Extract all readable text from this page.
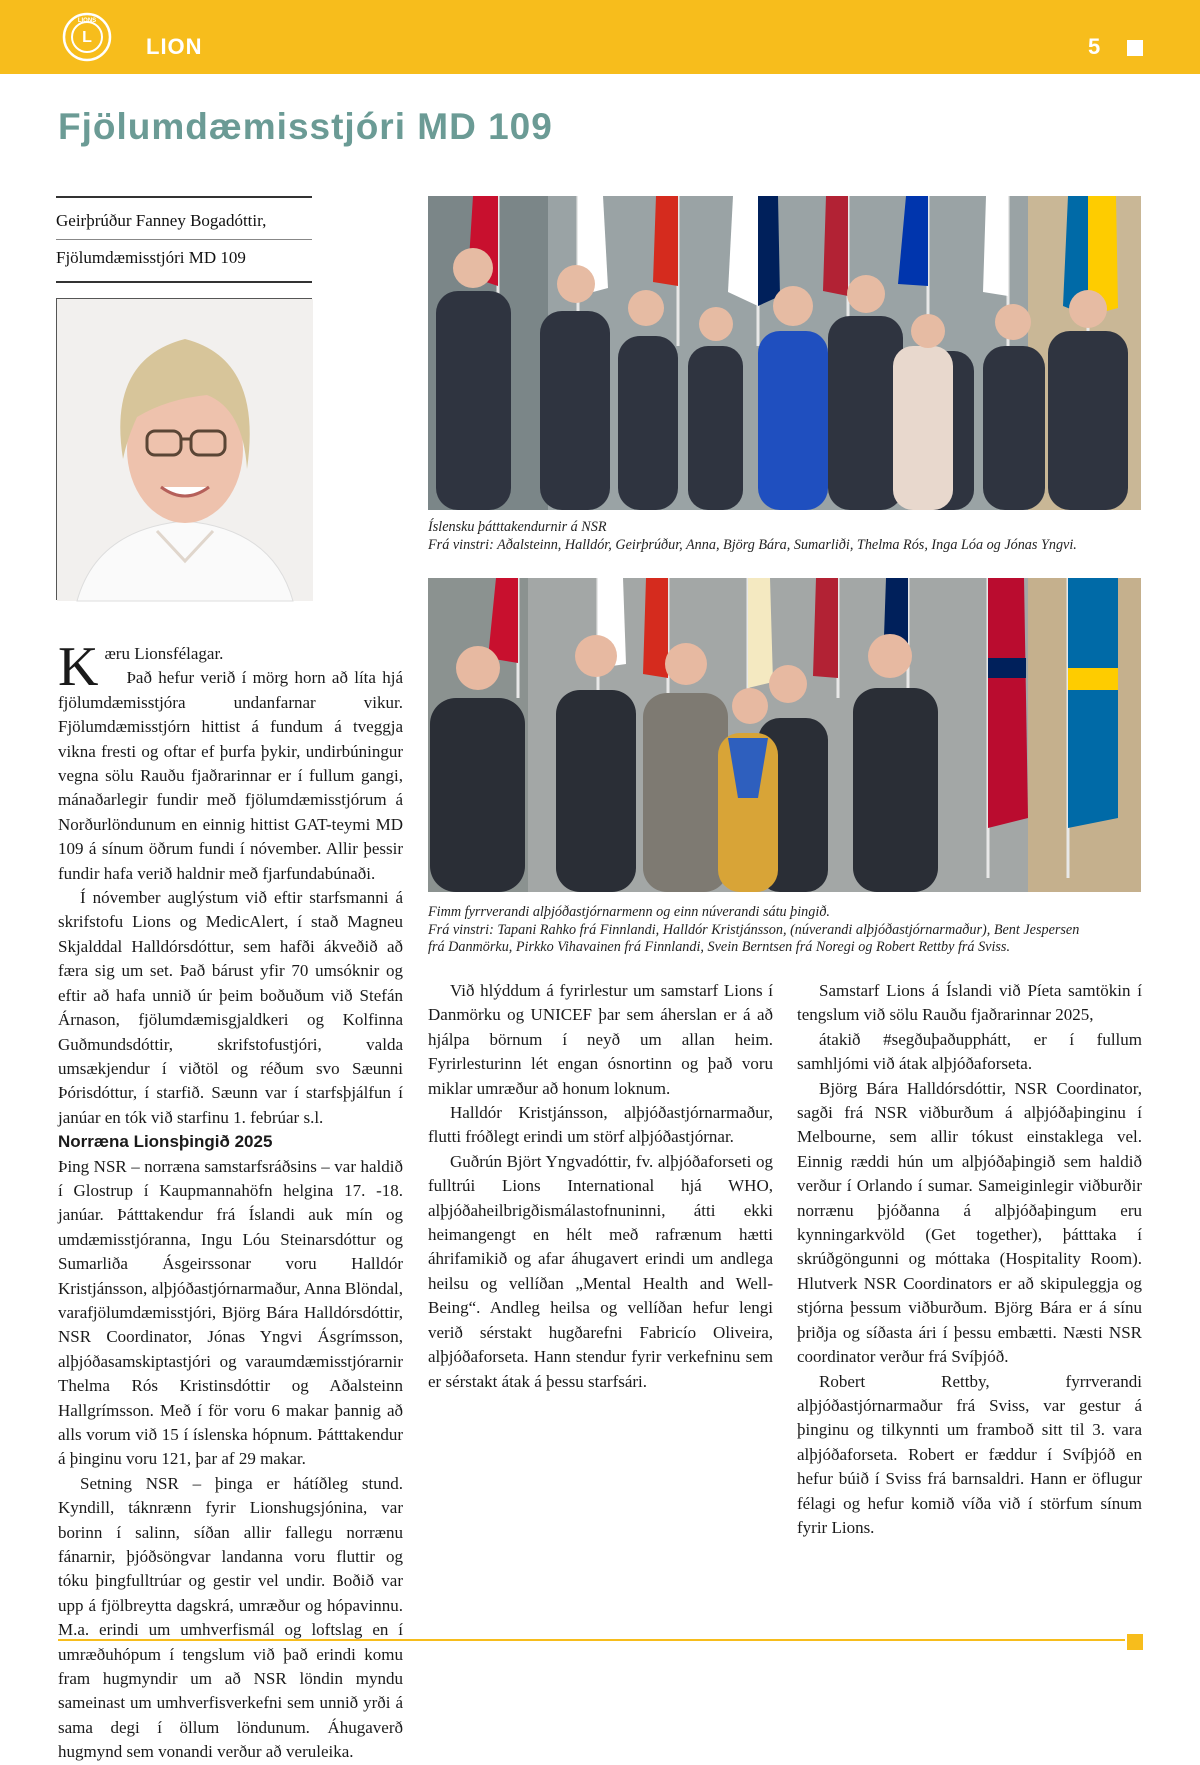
L
LIONS
LION	5
Fjölumdæmisstjóri MD 109
Geirþrúður Fanney Bogadóttir,
Fjölumdæmisstjóri MD 109
Íslensku þátttakendurnir á NSR
Frá vinstri: Aðalsteinn, Halldór, Geirþrúður, Anna, Björg Bára, Sumarliði, Thelma Rós, Inga Lóa og Jónas Yngvi.
Fimm fyrrverandi alþjóðastjórnarmenn og einn núverandi sátu þingið.
Frá vinstri: Tapani Rahko frá Finnlandi, Halldór Kristjánsson, (núverandi alþjóðastjórnarmaður), Bent Jespersen
frá Danmörku, Pirkko Vihavainen frá Finnlandi, Svein Berntsen frá Noregi og Robert Rettby frá Sviss.

Kæru Lionsfélagar.

Það hefur verið í mörg horn að líta hjá fjölumdæmisstjóra undanfarnar vikur. Fjölumdæmisstjórn hittist á fundum á tveggja vikna fresti og oftar ef þurfa þykir, undirbúningur vegna sölu Rauðu fjaðrarinnar er í fullum gangi, mánaðarlegir fundir með fjölumdæmisstjórum á Norðurlöndunum en einnig hittist GAT-teymi MD 109 á sínum öðrum fundi í nóvember. Allir þessir fundir hafa verið haldnir með fjarfundabúnaði.

Í nóvember auglýstum við eftir starfsmanni á skrifstofu Lions og MedicAlert, í stað Magneu Skjalddal Halldórsdóttur, sem hafði ákveðið að færa sig um set. Það bárust yfir 70 umsóknir og eftir að hafa unnið úr þeim boðuðum við Stefán Árnason, fjölumdæmisgjaldkeri og Kolfinna Guðmundsdóttir, skrifstofustjóri, valda umsækjendur í viðtöl og réðum svo Sæunni Þórisdóttur, í starfið. Sæunn var í starfsþjálfun í janúar en tók við starfinu 1. febrúar s.l.

Norræna Lionsþingið 2025

Þing NSR – norræna samstarfsráðsins – var haldið í Glostrup í Kaupmannahöfn helgina 17. -18. janúar. Þátttakendur frá Íslandi auk mín og umdæmisstjóranna, Ingu Lóu Steinarsdóttur og Sumarliða Ásgeirssonar voru Halldór Kristjánsson, alþjóðastjórnarmaður, Anna Blöndal, varafjölumdæmisstjóri, Björg Bára Halldórsdóttir, NSR Coordinator, Jónas Yngvi Ásgrímsson, alþjóðasamskiptastjóri og varaumdæmisstjórarnir Thelma Rós Kristinsdóttir og Aðalsteinn Hallgrímsson. Með í för voru 6 makar þannig að alls vorum við 15 í íslenska hópnum. Þátttakendur á þinginu voru 121, þar af 29 makar.

Setning NSR – þinga er hátíðleg stund. Kyndill, táknrænn fyrir Lionshugsjónina, var borinn í salinn, síðan allir fallegu norrænu fánarnir, þjóðsöngvar landanna voru fluttir og tóku þingfulltrúar og gestir vel undir. Boðið var upp á fjölbreytta dagskrá, umræður og hópavinnu. M.a. erindi um umhverfismál og loftslag en í umræðuhópum í tengslum við það erindi komu fram hugmyndir um að NSR löndin myndu sameinast um umhverfisverkefni sem unnið yrði á sama degi í öllum löndunum. Áhugaverð hugmynd sem vonandi verður að veruleika.

Við hlýddum á fyrirlestur um samstarf Lions í Danmörku og UNICEF þar sem áherslan er á að hjálpa börnum í neyð um allan heim. Fyrirlesturinn lét engan ósnortinn og það voru miklar umræður að honum loknum.

Halldór Kristjánsson, alþjóðastjórnarmaður, flutti fróðlegt erindi um störf alþjóðastjórnar.

Guðrún Björt Yngvadóttir, fv. alþjóðaforseti og fulltrúi Lions International hjá WHO, alþjóðaheilbrigðismálastofnuninni, átti ekki heimangengt en hélt með rafrænum hætti áhrifamikið og afar áhugavert erindi um andlega heilsu og vellíðan „Mental Health and Well-Being“. Andleg heilsa og vellíðan hefur lengi verið sérstakt hugðarefni Fabricío Oliveira, alþjóðaforseta. Hann stendur fyrir verkefninu sem er sérstakt átak á þessu starfsári.

Samstarf Lions á Íslandi við Píeta samtökin í tengslum við sölu Rauðu fjaðrarinnar 2025,

átakið #segðuþaðupphátt, er í fullum samhljómi við átak alþjóðaforseta.

Björg Bára Halldórsdóttir, NSR Coordinator, sagði frá NSR viðburðum á alþjóðaþinginu í Melbourne, sem allir tókust einstaklega vel. Einnig ræddi hún um alþjóðaþingið sem haldið verður í Orlando í sumar. Sameiginlegir viðburðir norrænu þjóðanna á alþjóðaþingum eru kynningarkvöld (Get together), þátttaka í skrúðgöngunni og móttaka (Hospitality Room). Hlutverk NSR Coordinators er að skipuleggja og stjórna þessum viðburðum. Björg Bára er á sínu þriðja og síðasta ári í þessu embætti. Næsti NSR coordinator verður frá Svíþjóð.

Robert Rettby, fyrrverandi alþjóðastjórnarmaður frá Sviss, var gestur á þinginu og tilkynnti um framboð sitt til 3. vara alþjóðaforseta. Robert er fæddur í Svíþjóð en hefur búið í Sviss frá barnsaldri. Hann er öflugur félagi og hefur komið víða við í störfum sínum fyrir Lions.
